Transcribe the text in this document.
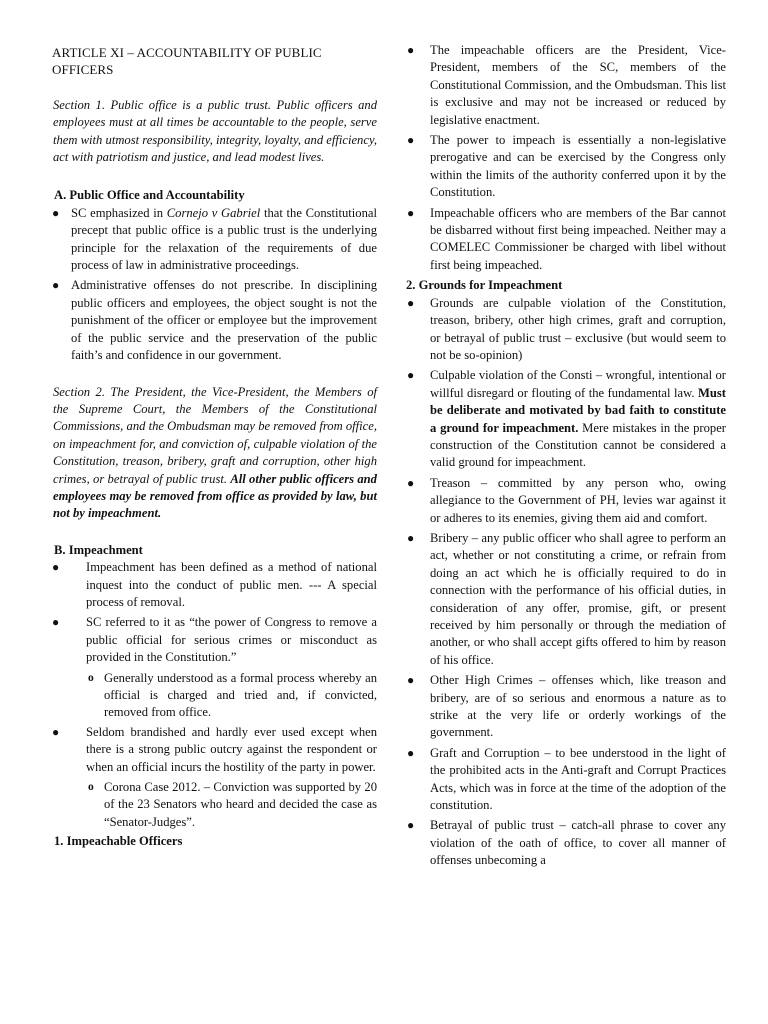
ARTICLE XI – ACCOUNTABILITY OF PUBLIC OFFICERS

Section 1. Public office is a public trust. Public officers and employees must at all times be accountable to the people, serve them with utmost responsibility, integrity, loyalty, and efficiency, act with patriotism and justice, and lead modest lives.

A. Public Office and Accountability
● SC emphasized in Cornejo v Gabriel that the Constitutional precept that public office is a public trust is the underlying principle for the relaxation of the requirements of due process of law in administrative proceedings.
● Administrative offenses do not prescribe. In disciplining public officers and employees, the object sought is not the punishment of the officer or employee but the improvement of the public service and the preservation of the public faith’s and confidence in our government.

Section 2. The President, the Vice-President, the Members of the Supreme Court, the Members of the Constitutional Commissions, and the Ombudsman may be removed from office, on impeachment for, and conviction of, culpable violation of the Constitution, treason, bribery, graft and corruption, other high crimes, or betrayal of public trust. All other public officers and employees may be removed from office as provided by law, but not by impeachment.

B. Impeachment
● Impeachment has been defined as a method of national inquest into the conduct of public men. --- A special process of removal.
● SC referred to it as “the power of Congress to remove a public official for serious crimes or misconduct as provided in the Constitution.”
o Generally understood as a formal process whereby an official is charged and tried and, if convicted, removed from office.
● Seldom brandished and hardly ever used except when there is a strong public outcry against the respondent or when an official incurs the hostility of the party in power.
o Corona Case 2012. – Conviction was supported by 20 of the 23 Senators who heard and decided the case as “Senator-Judges”.
1. Impeachable Officers
● The impeachable officers are the President, Vice-President, members of the SC, members of the Constitutional Commission, and the Ombudsman. This list is exclusive and may not be increased or reduced by legislative enactment.
● The power to impeach is essentially a non-legislative prerogative and can be exercised by the Congress only within the limits of the authority conferred upon it by the Constitution.
● Impeachable officers who are members of the Bar cannot be disbarred without first being impeached. Neither may a COMELEC Commissioner be charged with libel without first being impeached.
2. Grounds for Impeachment
● Grounds are culpable violation of the Constitution, treason, bribery, other high crimes, graft and corruption, or betrayal of public trust – exclusive (but would seem to not be so-opinion)
● Culpable violation of the Consti – wrongful, intentional or willful disregard or flouting of the fundamental law. Must be deliberate and motivated by bad faith to constitute a ground for impeachment. Mere mistakes in the proper construction of the Constitution cannot be considered a valid ground for impeachment.
● Treason – committed by any person who, owing allegiance to the Government of PH, levies war against it or adheres to its enemies, giving them aid and comfort.
● Bribery – any public officer who shall agree to perform an act, whether or not constituting a crime, or refrain from doing an act which he is officially required to do in connection with the performance of his official duties, in consideration of any offer, promise, gift, or present received by him personally or through the mediation of another, or who shall accept gifts offered to him by reason of his office.
● Other High Crimes – offenses which, like treason and bribery, are of so serious and enormous a nature as to strike at the very life or orderly workings of the government.
● Graft and Corruption – to bee understood in the light of the prohibited acts in the Anti-graft and Corrupt Practices Acts, which was in force at the time of the adoption of the constitution.
● Betrayal of public trust – catch-all phrase to cover any violation of the oath of office, to cover all manner of offenses unbecoming a
